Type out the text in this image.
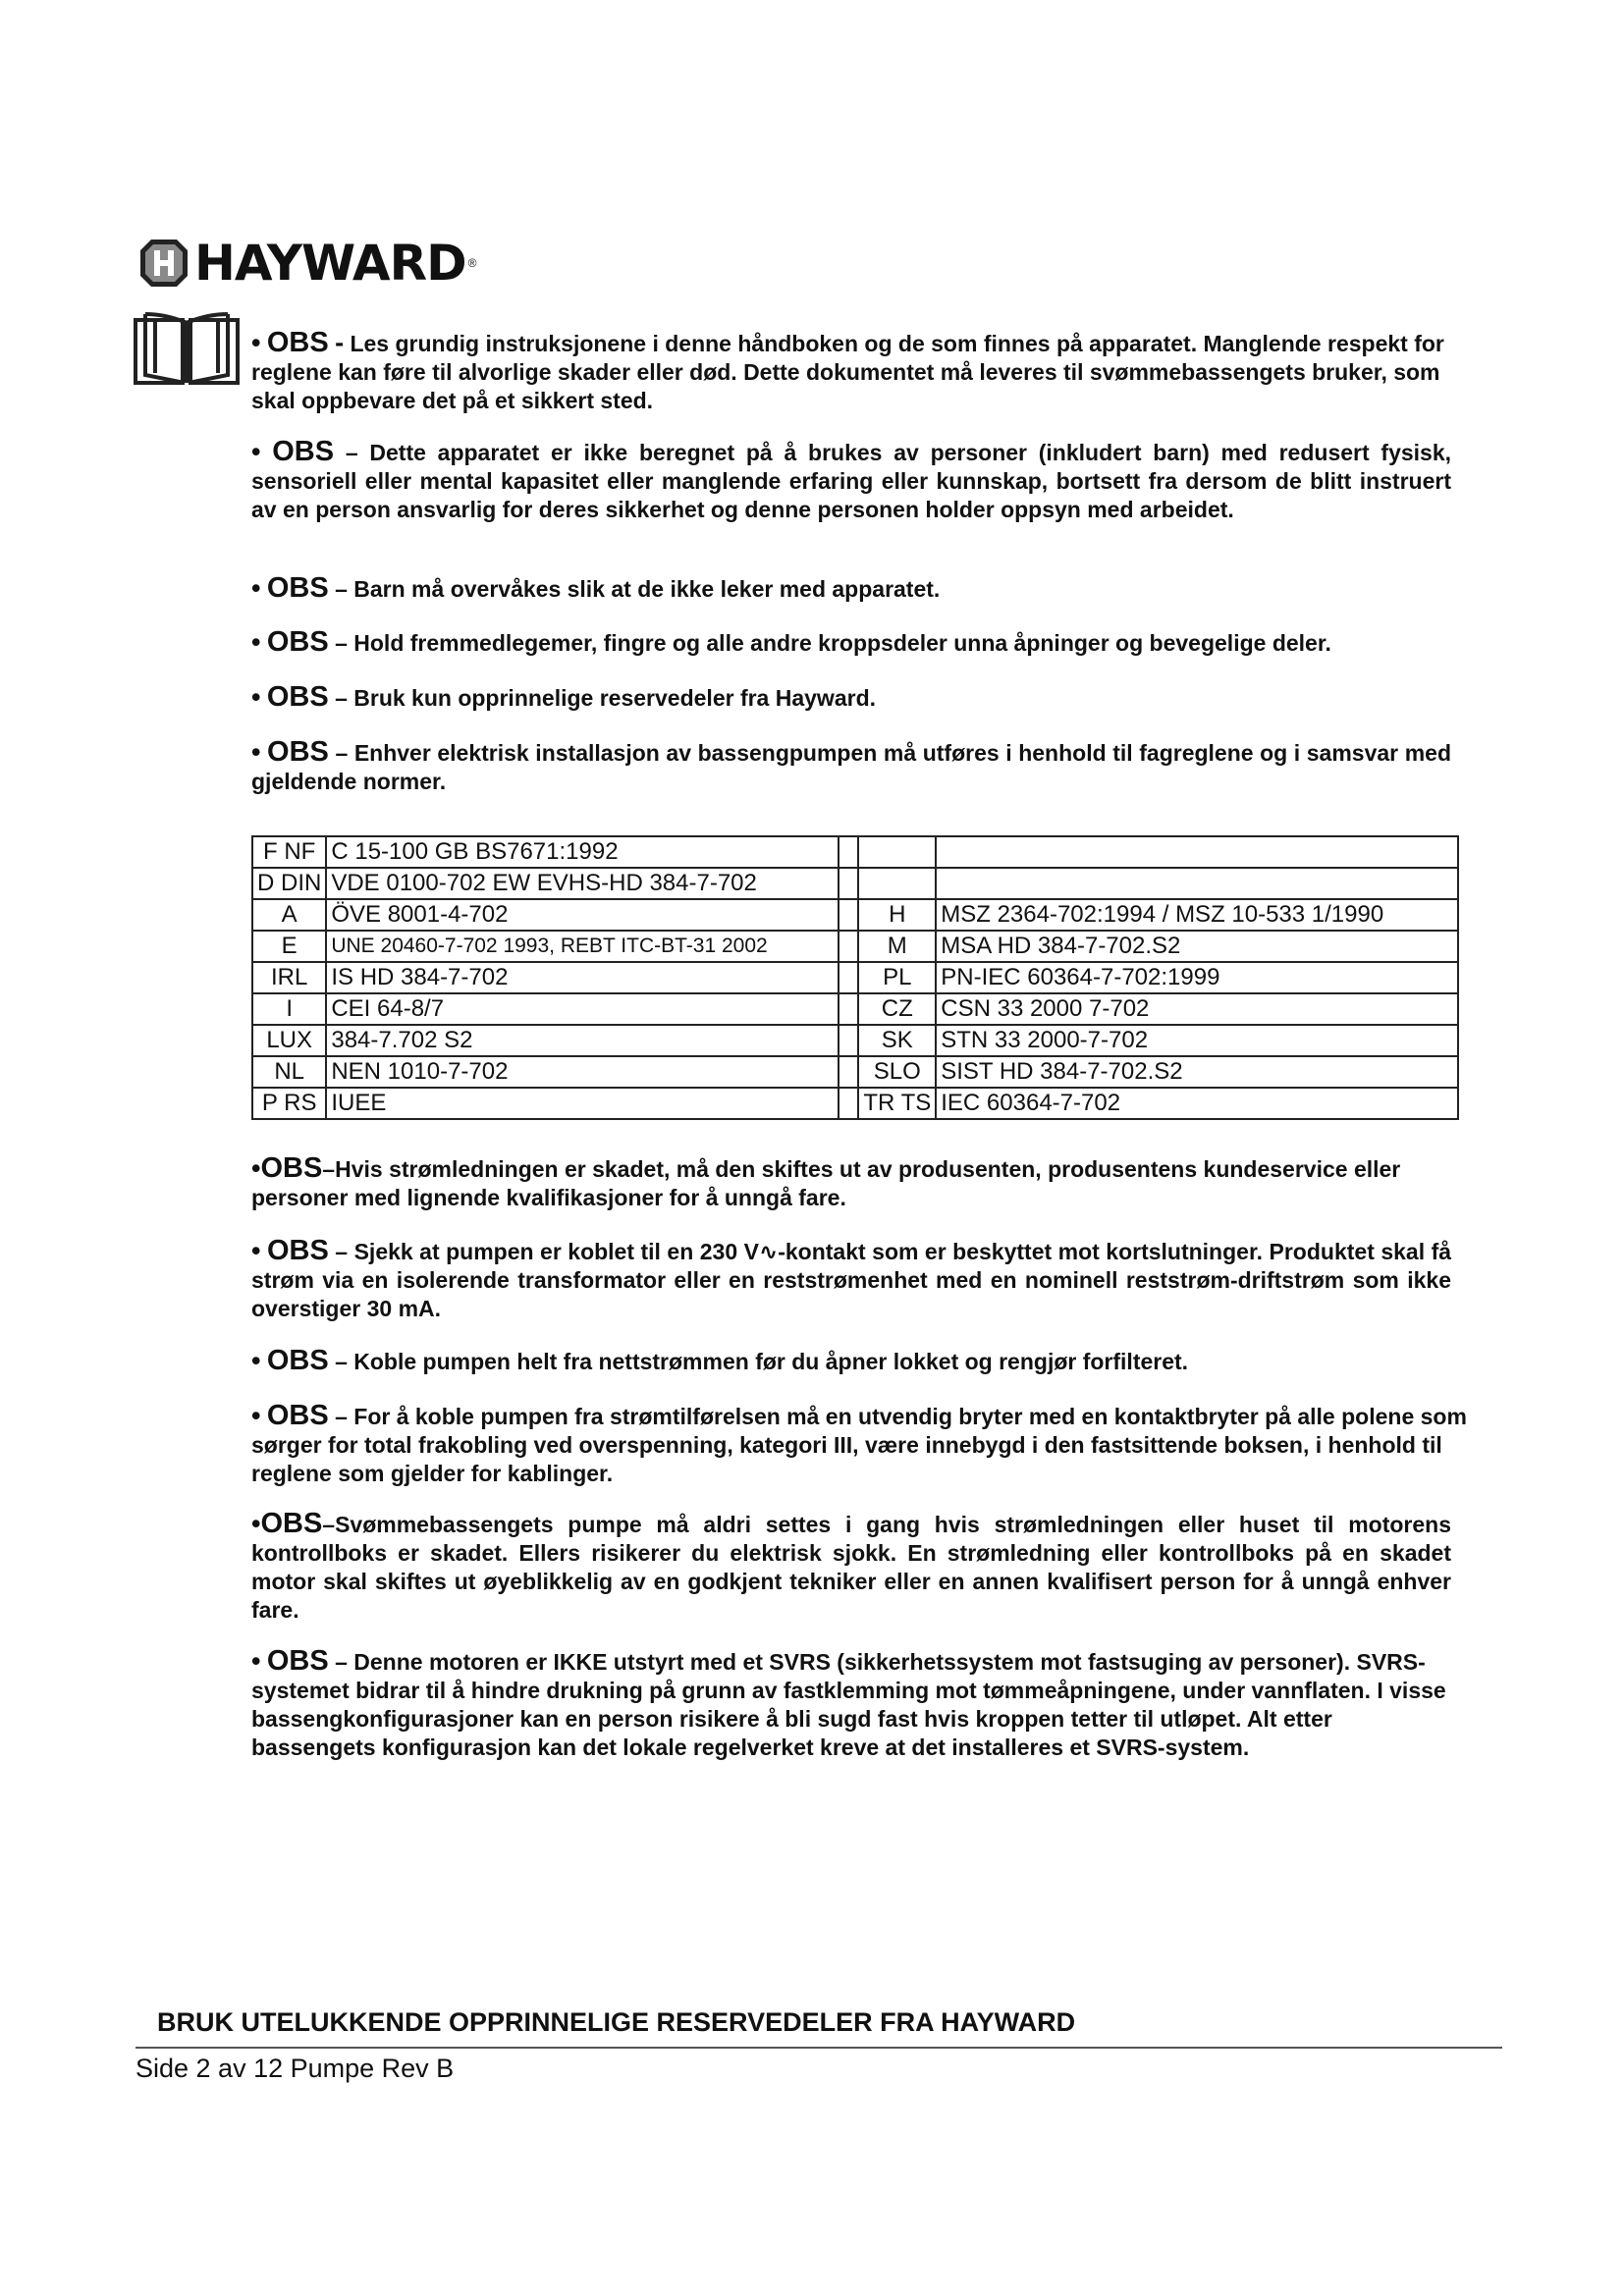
HAYWARD ®
• OBS - Les grundig instruksjonene i denne håndboken og de som finnes på apparatet. Manglende respekt for reglene kan føre til alvorlige skader eller død. Dette dokumentet må leveres til svømmebassengets bruker, som skal oppbevare det på et sikkert sted.
• OBS – Dette apparatet er ikke beregnet på å brukes av personer (inkludert barn) med redusert fysisk, sensoriell eller mental kapasitet eller manglende erfaring eller kunnskap, bortsett fra dersom de blitt instruert av en person ansvarlig for deres sikkerhet og denne personen holder oppsyn med arbeidet.
• OBS – Barn må overvåkes slik at de ikke leker med apparatet.
• OBS – Hold fremmedlegemer, fingre og alle andre kroppsdeler unna åpninger og bevegelige deler.
• OBS – Bruk kun opprinnelige reservedeler fra Hayward.
• OBS – Enhver elektrisk installasjon av bassengpumpen må utføres i henhold til fagreglene og i samsvar med gjeldende normer.
F NF	C 15-100 GB BS7671:1992			
D DIN	VDE 0100-702 EW EVHS-HD 384-7-702			
A	ÖVE 8001-4-702		H	MSZ 2364-702:1994 / MSZ 10-533 1/1990
E	UNE 20460-7-702 1993, REBT ITC-BT-31 2002		M	MSA HD 384-7-702.S2
IRL	IS HD 384-7-702		PL	PN-IEC 60364-7-702:1999
I	CEI 64-8/7		CZ	CSN 33 2000 7-702
LUX	384-7.702 S2		SK	STN 33 2000-7-702
NL	NEN 1010-7-702		SLO	SIST HD 384-7-702.S2
P RS	IUEE		TR TS	IEC 60364-7-702
•OBS–Hvis strømledningen er skadet, må den skiftes ut av produsenten, produsentens kundeservice eller personer med lignende kvalifikasjoner for å unngå fare.
• OBS – Sjekk at pumpen er koblet til en 230 V∿-kontakt som er beskyttet mot kortslutninger. Produktet skal få strøm via en isolerende transformator eller en reststrømenhet med en nominell reststrøm-driftstrøm som ikke overstiger 30 mA.
• OBS – Koble pumpen helt fra nettstrømmen før du åpner lokket og rengjør forfilteret.
• OBS – For å koble pumpen fra strømtilførelsen må en utvendig bryter med en kontaktbryter på alle polene som sørger for total frakobling ved overspenning, kategori III, være innebygd i den fastsittende boksen, i henhold til reglene som gjelder for kablinger.
•OBS–Svømmebassengets pumpe må aldri settes i gang hvis strømledningen eller huset til motorens kontrollboks er skadet. Ellers risikerer du elektrisk sjokk. En strømledning eller kontrollboks på en skadet motor skal skiftes ut øyeblikkelig av en godkjent tekniker eller en annen kvalifisert person for å unngå enhver fare.
• OBS – Denne motoren er IKKE utstyrt med et SVRS (sikkerhetssystem mot fastsuging av personer). SVRS-systemet bidrar til å hindre drukning på grunn av fastklemming mot tømmeåpningene, under vannflaten. I visse bassengkonfigurasjoner kan en person risikere å bli sugd fast hvis kroppen tetter til utløpet. Alt etter bassengets konfigurasjon kan det lokale regelverket kreve at det installeres et SVRS-system.
BRUK UTELUKKENDE OPPRINNELIGE RESERVEDELER FRA HAYWARD
Side 2 av 12 Pumpe Rev B
